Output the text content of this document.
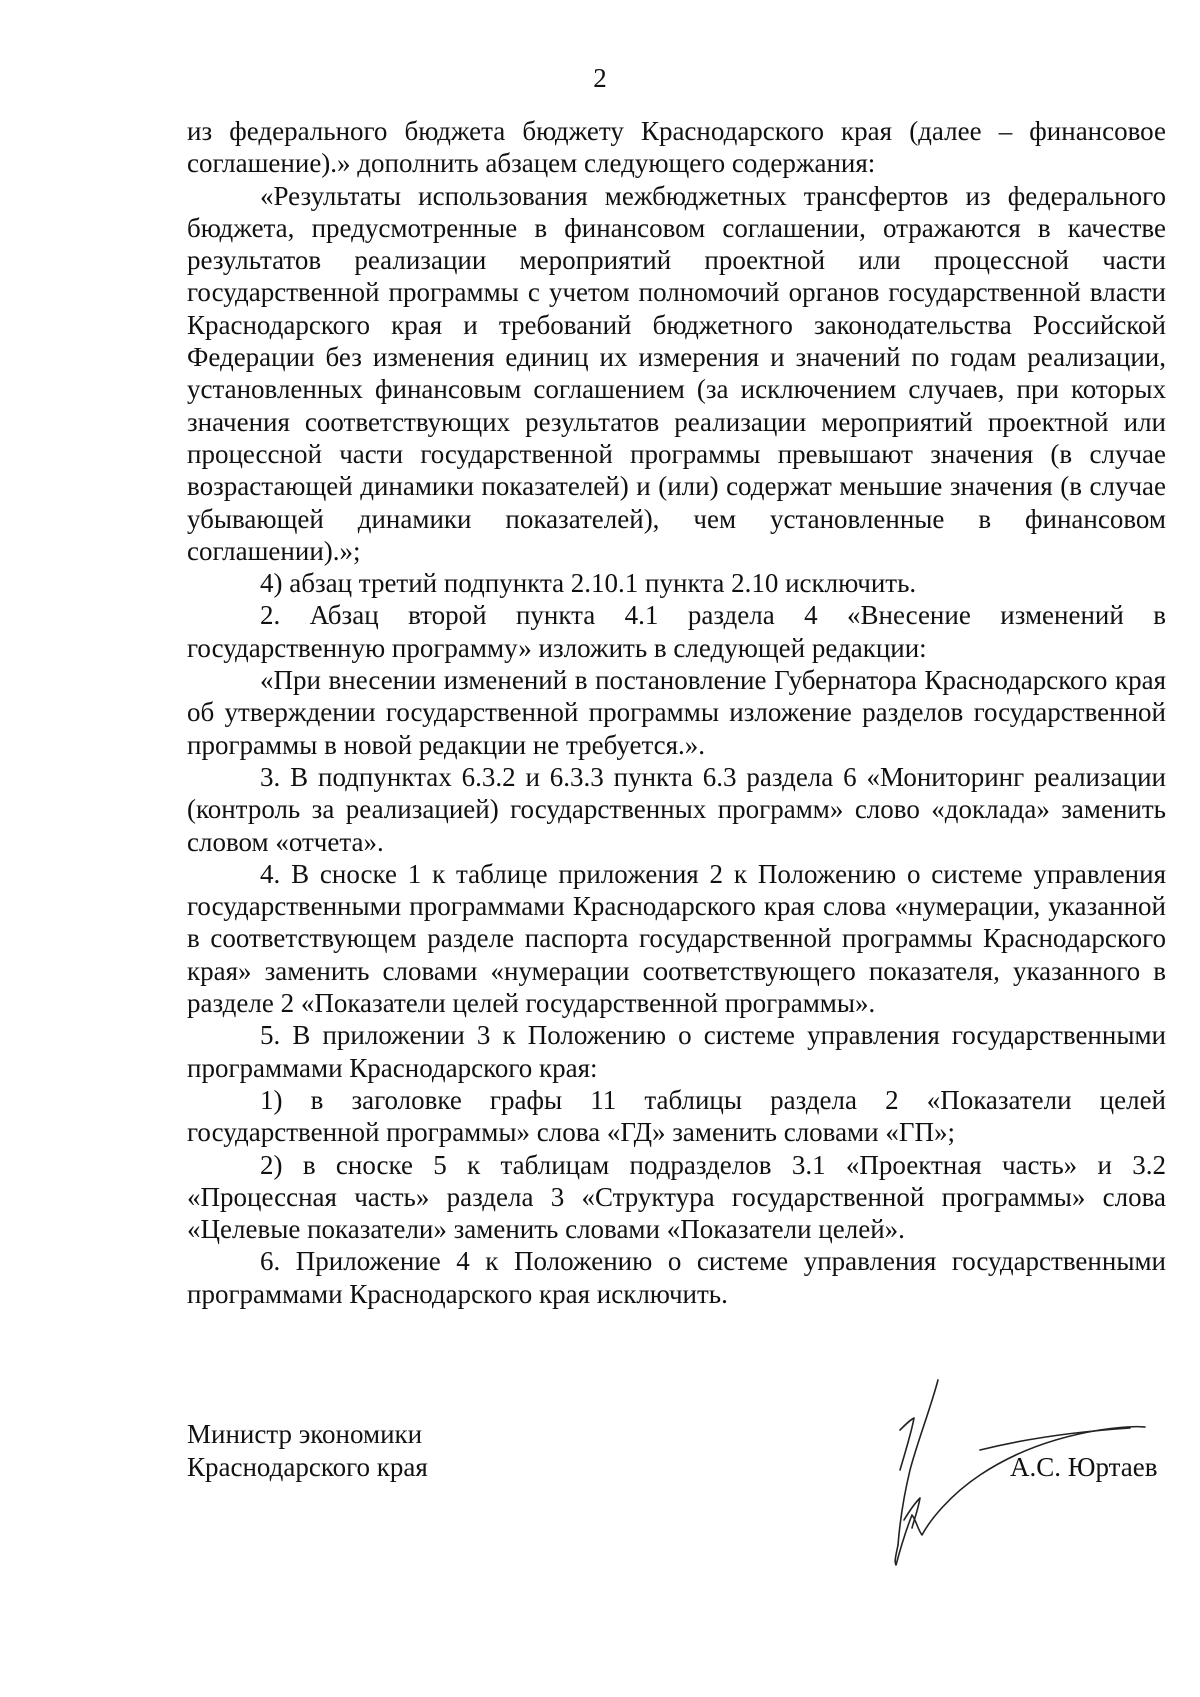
2

из федерального бюджета бюджету Краснодарского края (далее – финансовое соглашение).» дополнить абзацем следующего содержания:

«Результаты использования межбюджетных трансфертов из федерального бюджета, предусмотренные в финансовом соглашении, отражаются в качестве результатов реализации мероприятий проектной или процессной части государственной программы с учетом полномочий органов государственной власти Краснодарского края и требований бюджетного законодательства Российской Федерации без изменения единиц их измерения и значений по годам реализации, установленных финансовым соглашением (за исключением случаев, при которых значения соответствующих результатов реализации мероприятий проектной или процессной части государственной программы превышают значения (в случае возрастающей динамики показателей) и (или) содержат меньшие значения (в случае убывающей динамики показателей), чем установленные в финансовом соглашении).»;

4) абзац третий подпункта 2.10.1 пункта 2.10 исключить.

2. Абзац второй пункта 4.1 раздела 4 «Внесение изменений в государственную программу» изложить в следующей редакции:

«При внесении изменений в постановление Губернатора Краснодарского края об утверждении государственной программы изложение разделов государственной программы в новой редакции не требуется.».

3. В подпунктах 6.3.2 и 6.3.3 пункта 6.3 раздела 6 «Мониторинг реализации (контроль за реализацией) государственных программ» слово «доклада» заменить словом «отчета».

4. В сноске 1 к таблице приложения 2 к Положению о системе управления государственными программами Краснодарского края слова «нумерации, указанной в соответствующем разделе паспорта государственной программы Краснодарского края» заменить словами «нумерации соответствующего показателя, указанного в разделе 2 «Показатели целей государственной программы».

5. В приложении 3 к Положению о системе управления государственными программами Краснодарского края:

1) в заголовке графы 11 таблицы раздела 2 «Показатели целей государственной программы» слова «ГД» заменить словами «ГП»;

2) в сноске 5 к таблицам подразделов 3.1 «Проектная часть» и 3.2 «Процессная часть» раздела 3 «Структура государственной программы» слова «Целевые показатели» заменить словами «Показатели целей».

6. Приложение 4 к Положению о системе управления государственными программами Краснодарского края исключить.

Министр экономики
Краснодарского края	А.С. Юртаев
